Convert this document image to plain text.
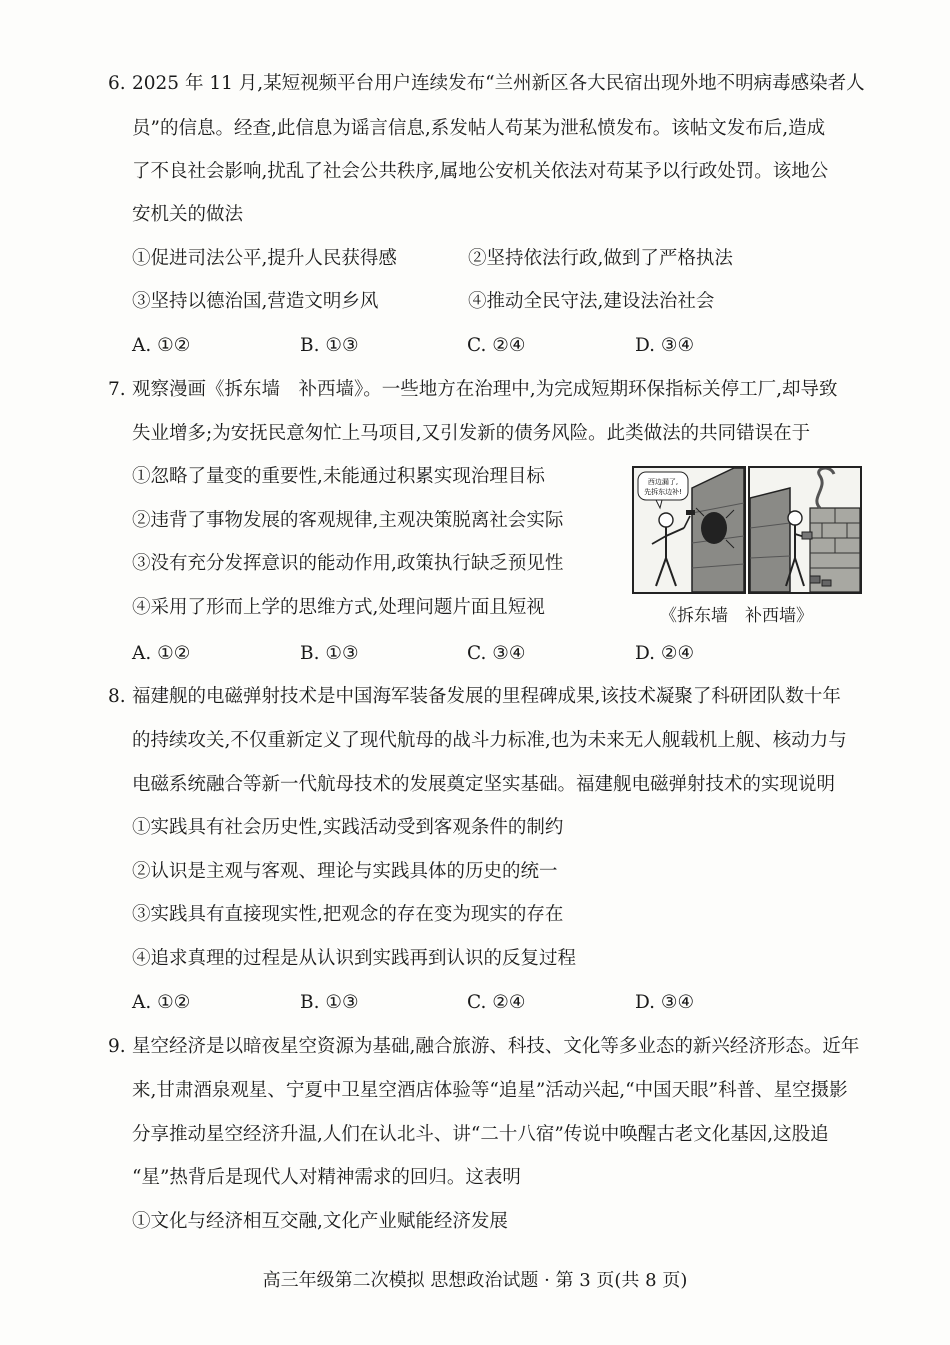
6. 2025 年 11 月,某短视频平台用户连续发布“兰州新区各大民宿出现外地不明病毒感染者人
员”的信息。经查,此信息为谣言信息,系发帖人苟某为泄私愤发布。该帖文发布后,造成
了不良社会影响,扰乱了社会公共秩序,属地公安机关依法对苟某予以行政处罚。该地公
安机关的做法
①促进司法公平,提升人民获得感	②坚持依法行政,做到了严格执法
③坚持以德治国,营造文明乡风	④推动全民守法,建设法治社会
A. ①②	B. ①③	C. ②④	D. ③④
7. 观察漫画《拆东墙　补西墙》。一些地方在治理中,为完成短期环保指标关停工厂,却导致
失业增多;为安抚民意匆忙上马项目,又引发新的债务风险。此类做法的共同错误在于
①忽略了量变的重要性,未能通过积累实现治理目标
②违背了事物发展的客观规律,主观决策脱离社会实际
③没有充分发挥意识的能动作用,政策执行缺乏预见性
④采用了形而上学的思维方式,处理问题片面且短视
西边漏了,
先拆东边补!
《拆东墙　补西墙》
A. ①②	B. ①③	C. ③④	D. ②④
8. 福建舰的电磁弹射技术是中国海军装备发展的里程碑成果,该技术凝聚了科研团队数十年
的持续攻关,不仅重新定义了现代航母的战斗力标准,也为未来无人舰载机上舰、核动力与
电磁系统融合等新一代航母技术的发展奠定坚实基础。福建舰电磁弹射技术的实现说明
①实践具有社会历史性,实践活动受到客观条件的制约
②认识是主观与客观、理论与实践具体的历史的统一
③实践具有直接现实性,把观念的存在变为现实的存在
④追求真理的过程是从认识到实践再到认识的反复过程
A. ①②	B. ①③	C. ②④	D. ③④
9. 星空经济是以暗夜星空资源为基础,融合旅游、科技、文化等多业态的新兴经济形态。近年
来,甘肃酒泉观星、宁夏中卫星空酒店体验等“追星”活动兴起,“中国天眼”科普、星空摄影
分享推动星空经济升温,人们在认北斗、讲“二十八宿”传说中唤醒古老文化基因,这股追
“星”热背后是现代人对精神需求的回归。这表明
①文化与经济相互交融,文化产业赋能经济发展
高三年级第二次模拟 思想政治试题 · 第 3 页(共 8 页)
